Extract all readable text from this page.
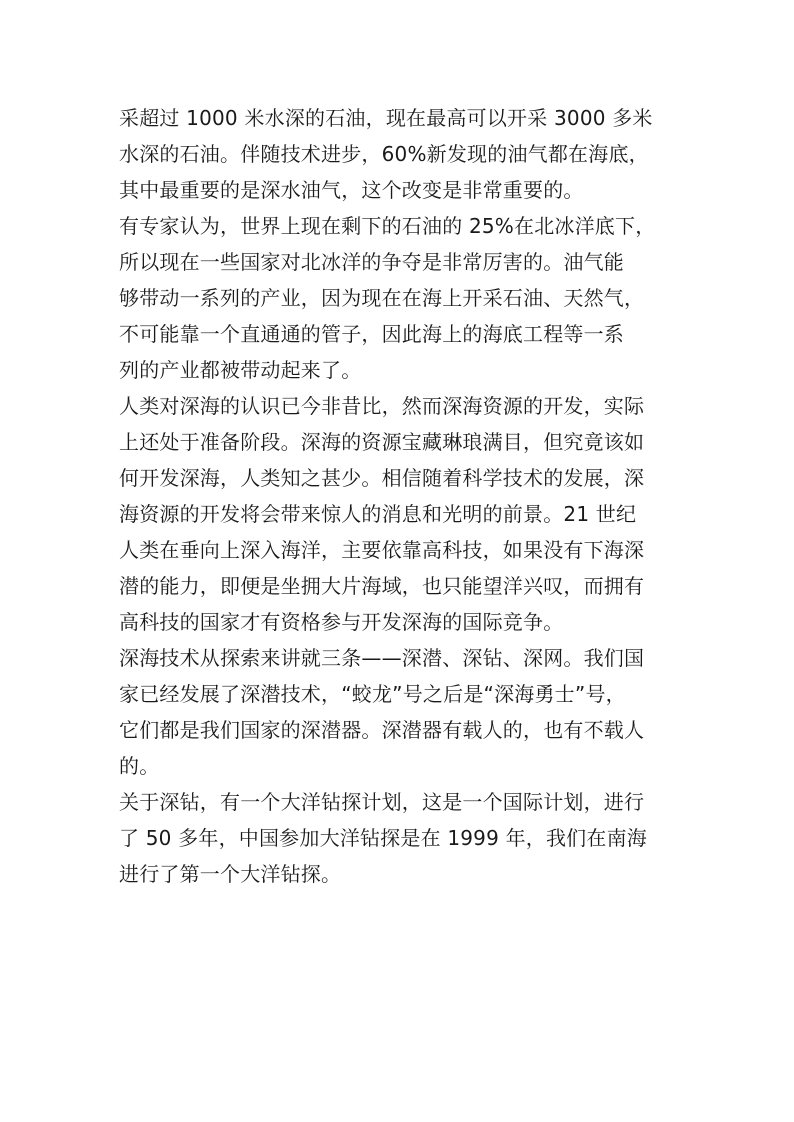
采超过 1000 米水深的石油，现在最高可以开采 3000 多米
水深的石油。伴随技术进步，60%新发现的油气都在海底，
其中最重要的是深水油气，这个改变是非常重要的。

有专家认为，世界上现在剩下的石油的 25%在北冰洋底下，
所以现在一些国家对北冰洋的争夺是非常厉害的。油气能
够带动一系列的产业，因为现在在海上开采石油、天然气，
不可能靠一个直通通的管子，因此海上的海底工程等一系
列的产业都被带动起来了。

人类对深海的认识已今非昔比，然而深海资源的开发，实际
上还处于准备阶段。深海的资源宝藏琳琅满目，但究竟该如
何开发深海，人类知之甚少。相信随着科学技术的发展，深
海资源的开发将会带来惊人的消息和光明的前景。21 世纪
人类在垂向上深入海洋，主要依靠高科技，如果没有下海深
潜的能力，即便是坐拥大片海域，也只能望洋兴叹，而拥有
高科技的国家才有资格参与开发深海的国际竞争。

深海技术从探索来讲就三条——深潜、深钻、深网。我们国
家已经发展了深潜技术，“蛟龙”号之后是“深海勇士”号，
它们都是我们国家的深潜器。深潜器有载人的，也有不载人
的。

关于深钻，有一个大洋钻探计划，这是一个国际计划，进行
了 50 多年，中国参加大洋钻探是在 1999 年，我们在南海
进行了第一个大洋钻探。
